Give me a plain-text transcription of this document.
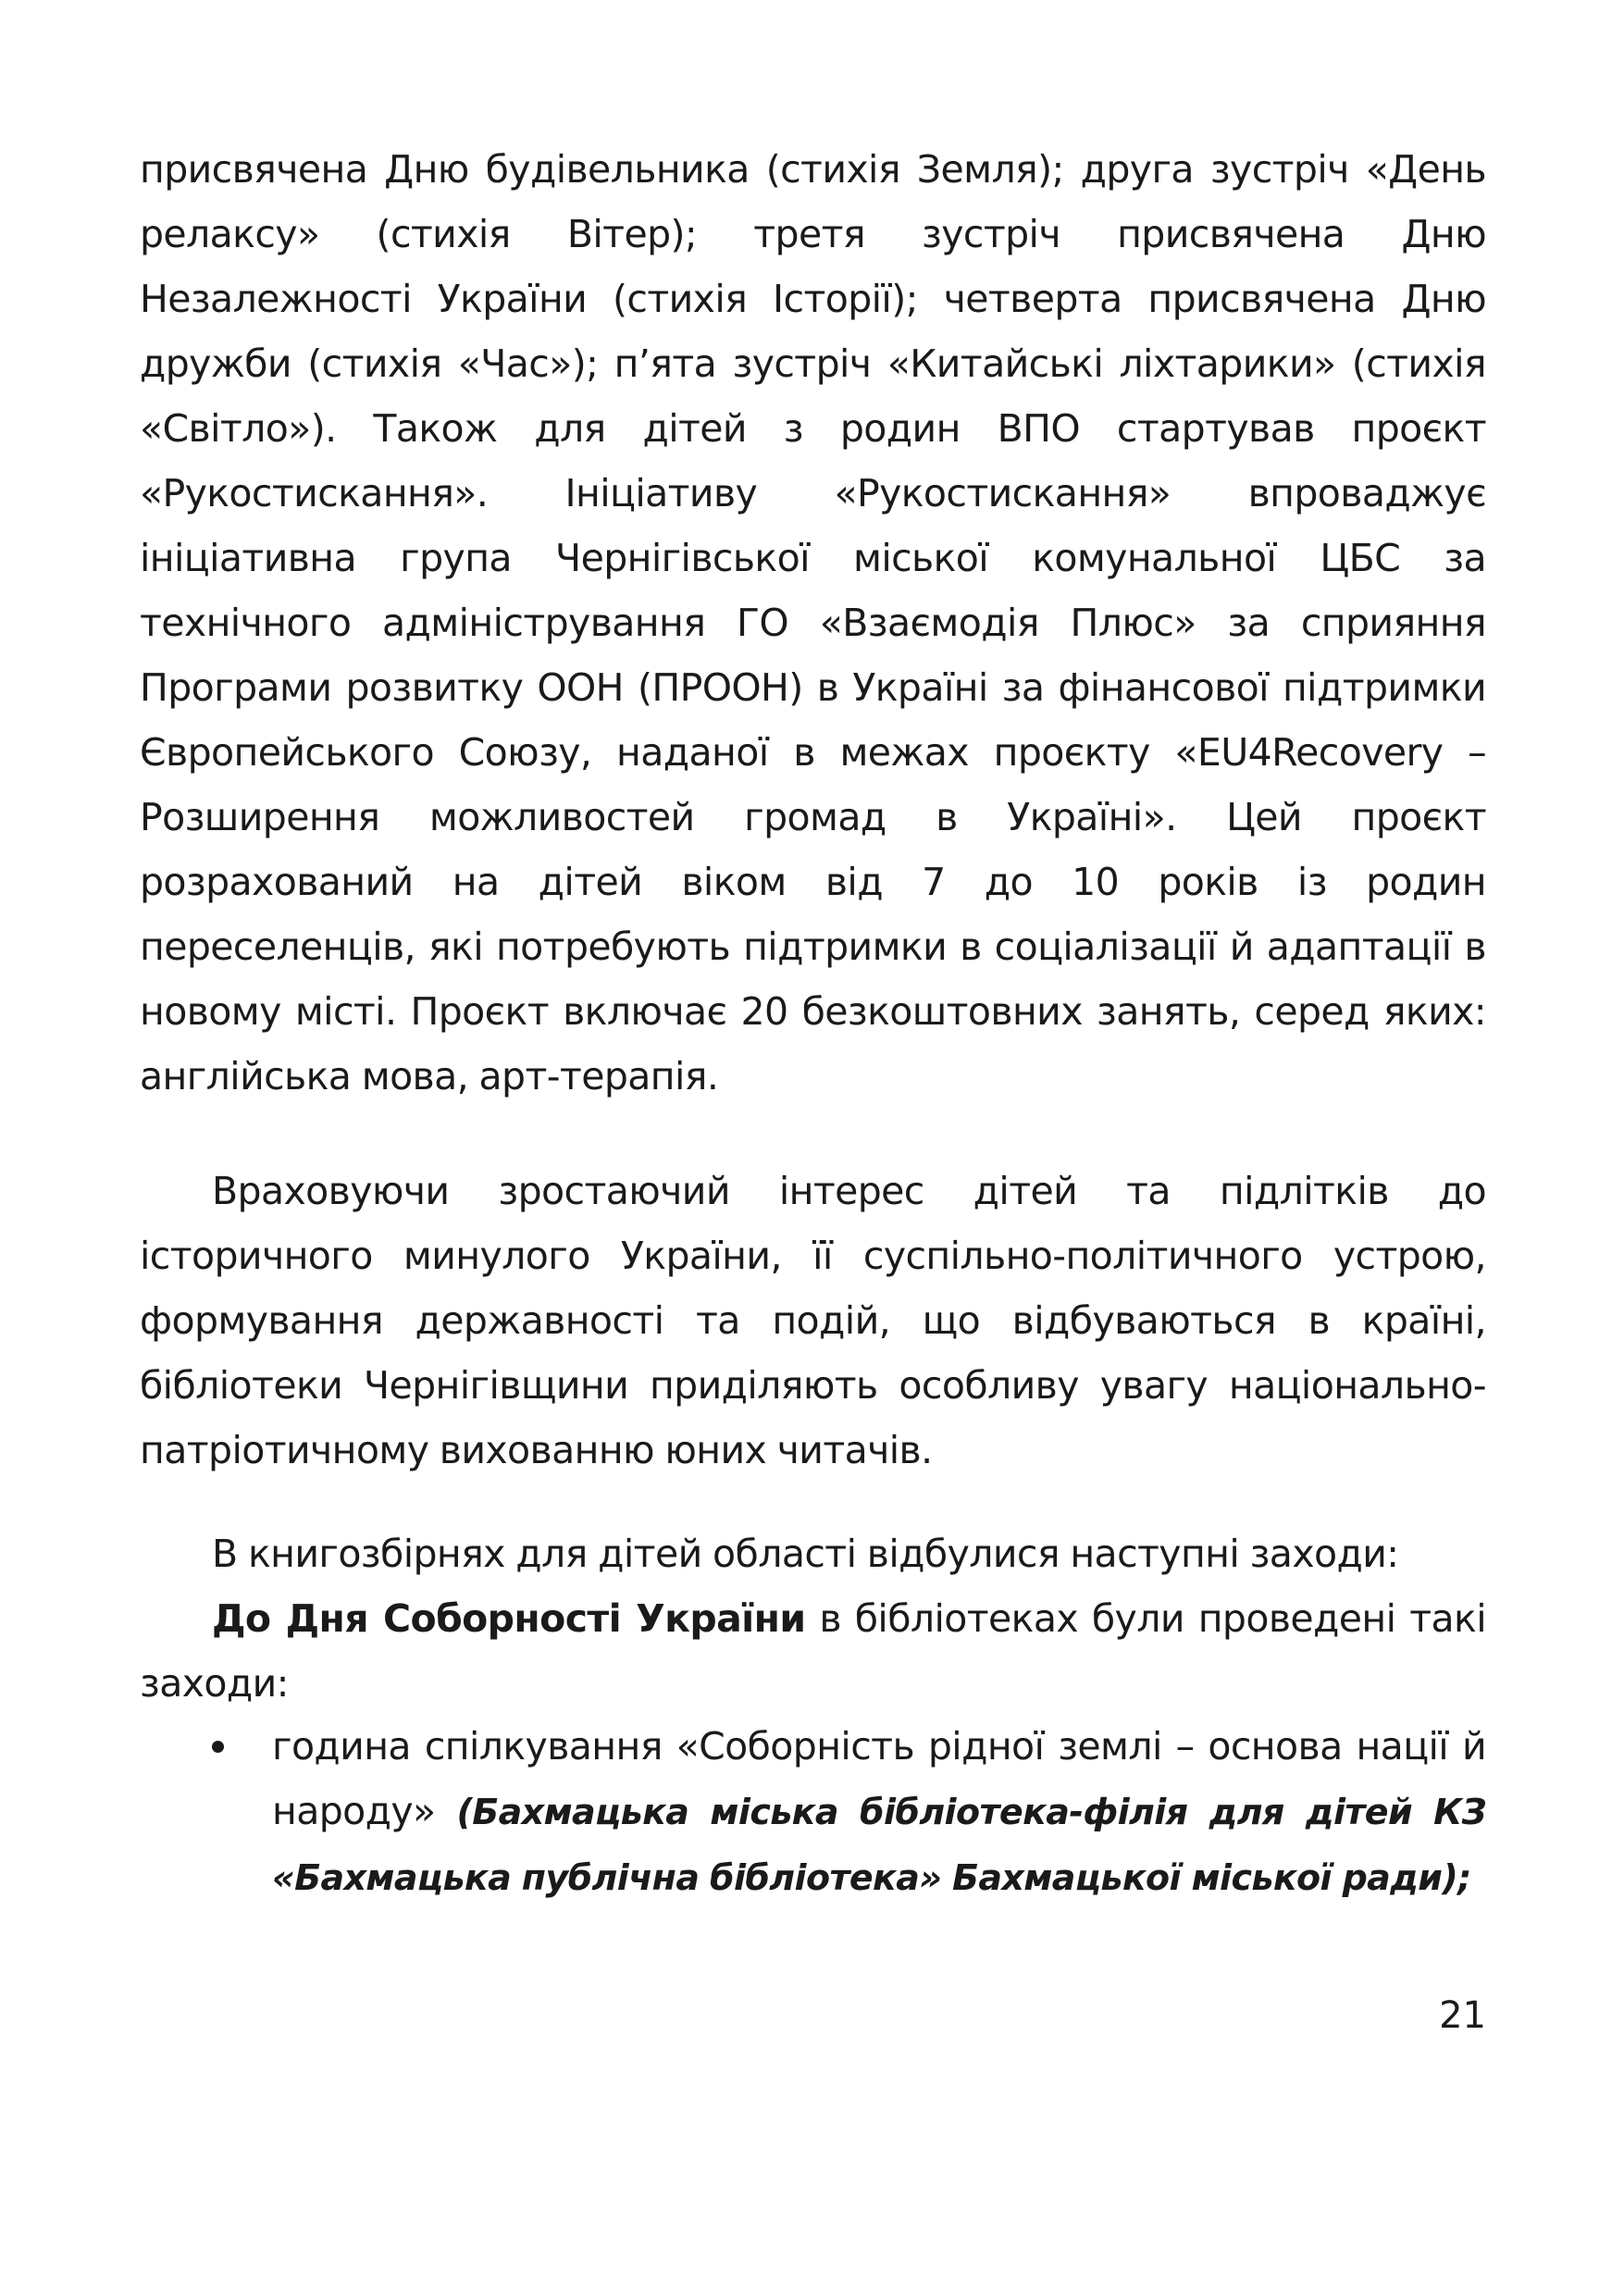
присвячена Дню будівельника (стихія Земля); друга зустріч «День релаксу» (стихія Вітер); третя зустріч присвячена Дню Незалежності України (стихія Історії); четверта присвячена Дню дружби (стихія «Час»); п’ята зустріч «Китайські ліхтарики» (стихія «Світло»). Також для дітей з родин ВПО стартував проєкт «Рукостискання». Ініціативу «Рукостискання» впроваджує ініціативна група Чернігівської міської комунальної ЦБС за технічного адміністрування ГО «Взаємодія Плюс» за сприяння Програми розвитку ООН (ПРООН) в Україні за фінансової підтримки Європейського Союзу, наданої в межах проєкту «EU4Recovery – Розширення можливостей громад в Україні». Цей проєкт розрахований на дітей віком від 7 до 10 років із родин переселенців, які потребують підтримки в соціалізації й адаптації в новому місті. Проєкт включає 20 безкоштовних занять, серед яких: англійська мова, арт-терапія.

Враховуючи зростаючий інтерес дітей та підлітків до історичного минулого України, її суспільно-політичного устрою, формування державності та подій, що відбуваються в країні, бібліотеки Чернігівщини приділяють особливу увагу національно-патріотичному вихованню юних читачів.

В книгозбірнях для дітей області відбулися наступні заходи:

До Дня Соборності України в бібліотеках були проведені такі заходи:

година спілкування «Соборність рідної землі – основа нації й народу» (Бахмацька міська бібліотека-філія для дітей КЗ «Бахмацька публічна бібліотека» Бахмацької міської ради);
21
